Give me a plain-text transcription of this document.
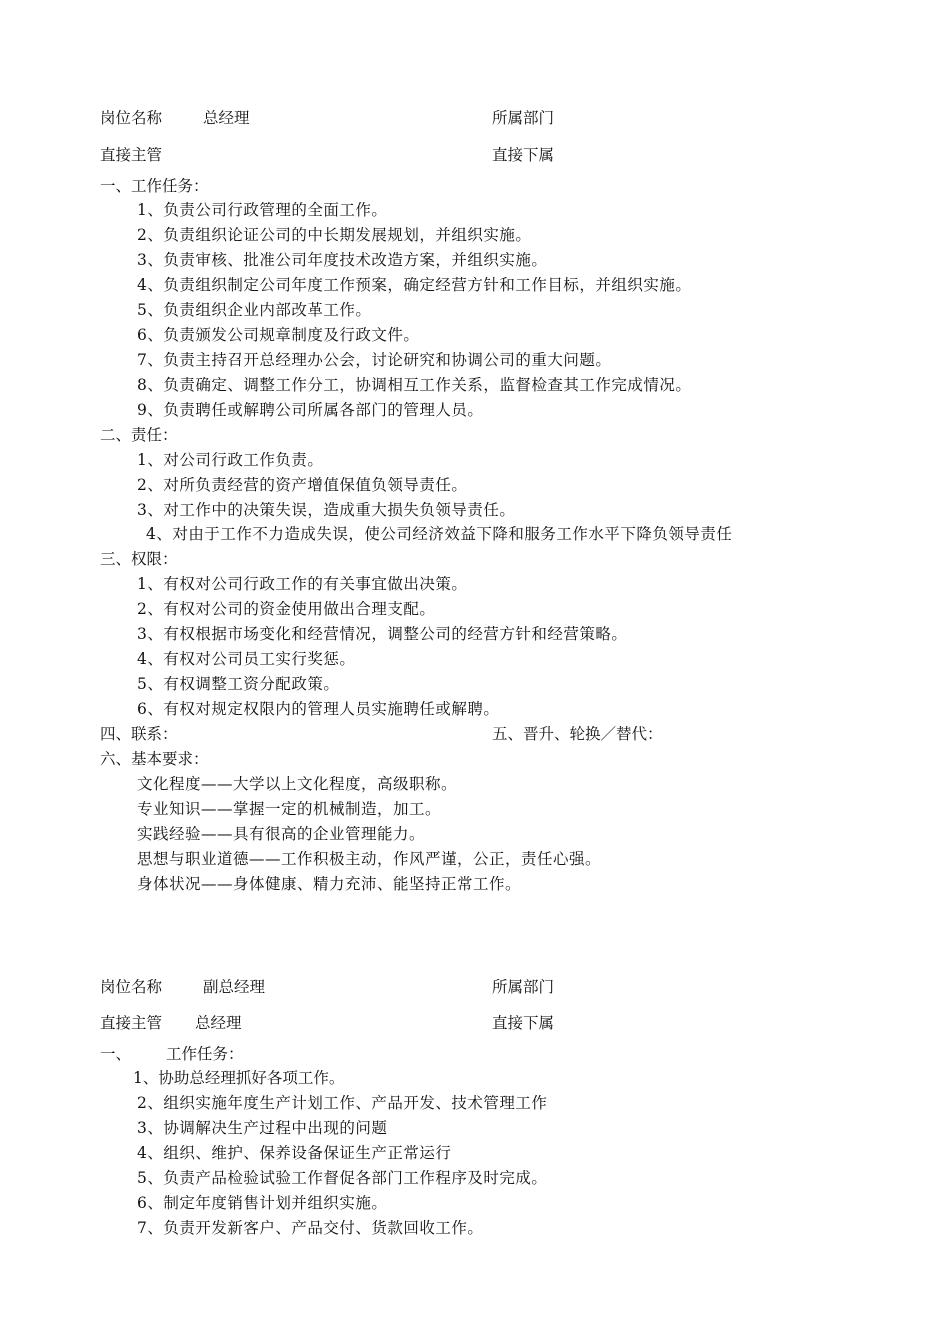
岗位名称	总经理	所属部门
直接主管	直接下属
一、工作任务：
1、负责公司行政管理的全面工作。
2、负责组织论证公司的中长期发展规划，并组织实施。
3、负责审核、批准公司年度技术改造方案，并组织实施。
4、负责组织制定公司年度工作预案，确定经营方针和工作目标，并组织实施。
5、负责组织企业内部改革工作。
6、负责颁发公司规章制度及行政文件。
7、负责主持召开总经理办公会，讨论研究和协调公司的重大问题。
8、负责确定、调整工作分工，协调相互工作关系，监督检查其工作完成情况。
9、负责聘任或解聘公司所属各部门的管理人员。
二、责任：
1、对公司行政工作负责。
2、对所负责经营的资产增值保值负领导责任。
3、对工作中的决策失误，造成重大损失负领导责任。
4、对由于工作不力造成失误，使公司经济效益下降和服务工作水平下降负领导责任
三、权限：
1、有权对公司行政工作的有关事宜做出决策。
2、有权对公司的资金使用做出合理支配。
3、有权根据市场变化和经营情况，调整公司的经营方针和经营策略。
4、有权对公司员工实行奖惩。
5、有权调整工资分配政策。
6、有权对规定权限内的管理人员实施聘任或解聘。
四、联系：	五、晋升、轮换／替代：
六、基本要求：
文化程度——大学以上文化程度，高级职称。
专业知识——掌握一定的机械制造，加工。
实践经验——具有很高的企业管理能力。
思想与职业道德——工作积极主动，作风严谨，公正，责任心强。
身体状况——身体健康、精力充沛、能坚持正常工作。
岗位名称	副总经理	所属部门
直接主管 总经理	直接下属
一、 工作任务：
1、协助总经理抓好各项工作。
2、组织实施年度生产计划工作、产品开发、技术管理工作
3、协调解决生产过程中出现的问题
4、组织、维护、保养设备保证生产正常运行
5、负责产品检验试验工作督促各部门工作程序及时完成。
6、制定年度销售计划并组织实施。
7、负责开发新客户、产品交付、货款回收工作。
